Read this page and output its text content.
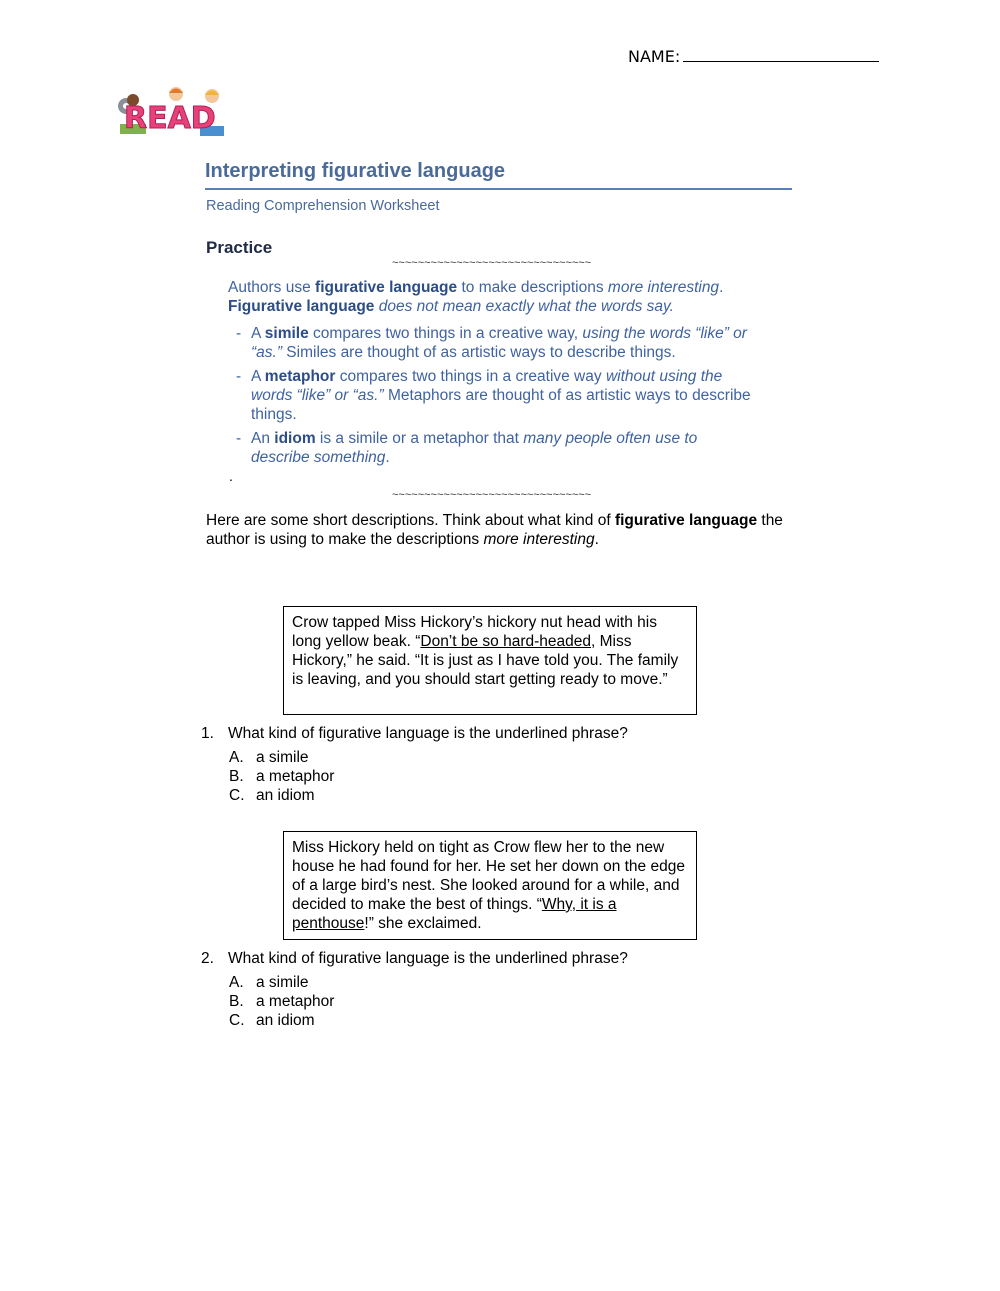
NAME:
READ
Interpreting figurative language
Reading Comprehension Worksheet
Practice
~~~~~~~~~~~~~~~~~~~~~~~~~~~~~~~
Authors use figurative language to make descriptions more interesting.
Figurative language does not mean exactly what the words say.
- A simile compares two things in a creative way, using the words “like” or “as.” Similes are thought of as artistic ways to describe things.
- A metaphor compares two things in a creative way without using the words “like” or “as.” Metaphors are thought of as artistic ways to describe things.
- An idiom is a simile or a metaphor that many people often use to describe something.
.
~~~~~~~~~~~~~~~~~~~~~~~~~~~~~~~
Here are some short descriptions. Think about what kind of figurative language the author is using to make the descriptions more interesting.
Crow tapped Miss Hickory’s hickory nut head with his long yellow beak. “Don’t be so hard-headed, Miss Hickory,” he said. “It is just as I have told you. The family is leaving, and you should start getting ready to move.”
1. What kind of figurative language is the underlined phrase?
A. a simile
B. a metaphor
C. an idiom
Miss Hickory held on tight as Crow flew her to the new house he had found for her. He set her down on the edge of a large bird’s nest. She looked around for a while, and decided to make the best of things. “Why, it is a penthouse!” she exclaimed.
2. What kind of figurative language is the underlined phrase?
A. a simile
B. a metaphor
C. an idiom
